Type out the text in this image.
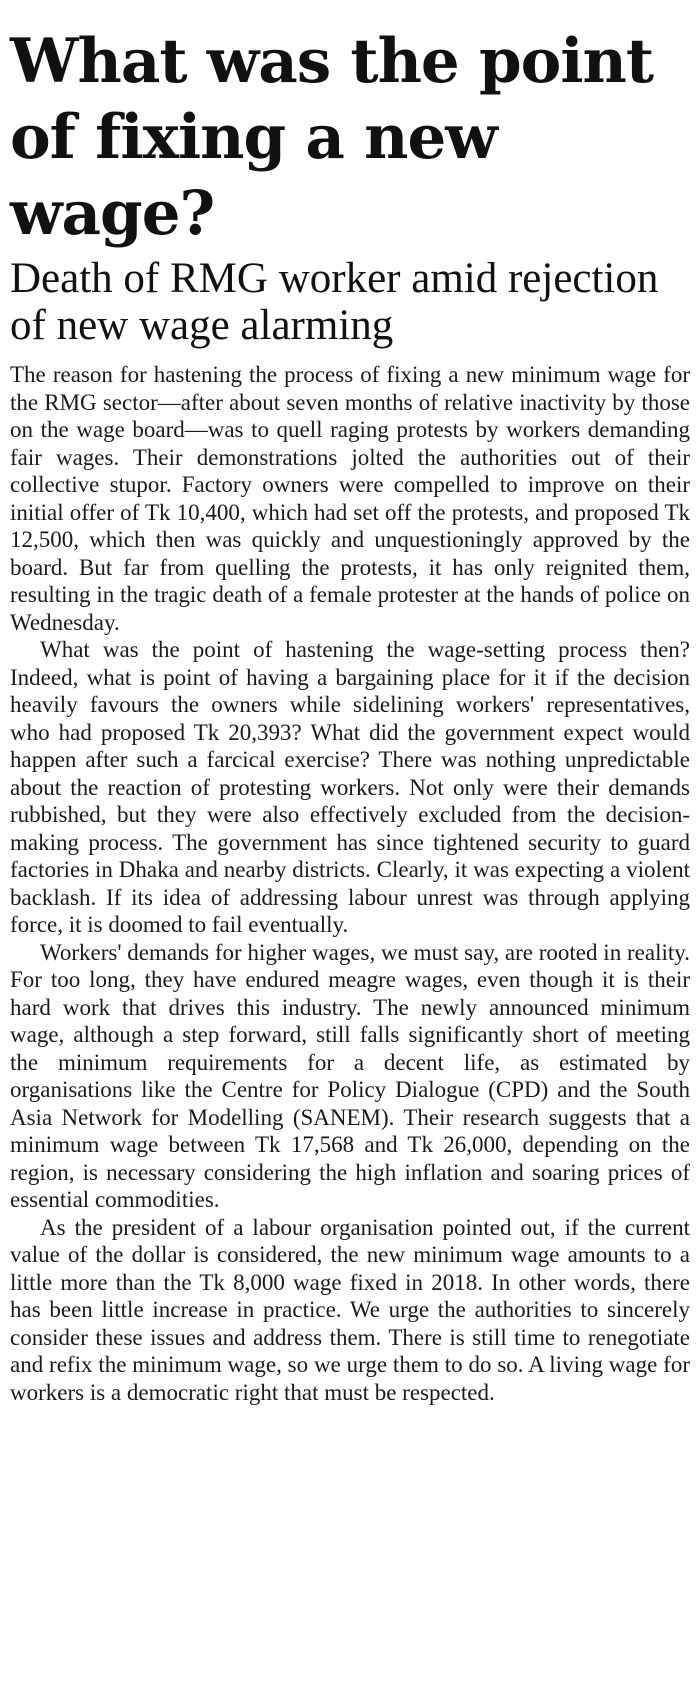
What was the point of fixing a new wage?
Death of RMG worker amid rejection of new wage alarming

The reason for hastening the process of fixing a new minimum wage for the RMG sector—after about seven months of relative inactivity by those on the wage board—was to quell raging protests by workers demanding fair wages. Their demonstrations jolted the authorities out of their collective stupor. Factory owners were compelled to improve on their initial offer of Tk 10,400, which had set off the protests, and proposed Tk 12,500, which then was quickly and unquestioningly approved by the board. But far from quelling the protests, it has only reignited them, resulting in the tragic death of a female protester at the hands of police on Wednesday.

What was the point of hastening the wage-setting process then? Indeed, what is point of having a bargaining place for it if the decision heavily favours the owners while sidelining workers' representatives, who had proposed Tk 20,393? What did the government expect would happen after such a farcical exercise? There was nothing unpredictable about the reaction of protesting workers. Not only were their demands rubbished, but they were also effectively excluded from the decision-making process. The government has since tightened security to guard factories in Dhaka and nearby districts. Clearly, it was expecting a violent backlash. If its idea of addressing labour unrest was through applying force, it is doomed to fail eventually.

Workers' demands for higher wages, we must say, are rooted in reality. For too long, they have endured meagre wages, even though it is their hard work that drives this industry. The newly announced minimum wage, although a step forward, still falls significantly short of meeting the minimum requirements for a decent life, as estimated by organisations like the Centre for Policy Dialogue (CPD) and the South Asia Network for Modelling (SANEM). Their research suggests that a minimum wage between Tk 17,568 and Tk 26,000, depending on the region, is necessary considering the high inflation and soaring prices of essential commodities.

As the president of a labour organisation pointed out, if the current value of the dollar is considered, the new minimum wage amounts to a little more than the Tk 8,000 wage fixed in 2018. In other words, there has been little increase in practice. We urge the authorities to sincerely consider these issues and address them. There is still time to renegotiate and refix the minimum wage, so we urge them to do so. A living wage for workers is a democratic right that must be respected.
